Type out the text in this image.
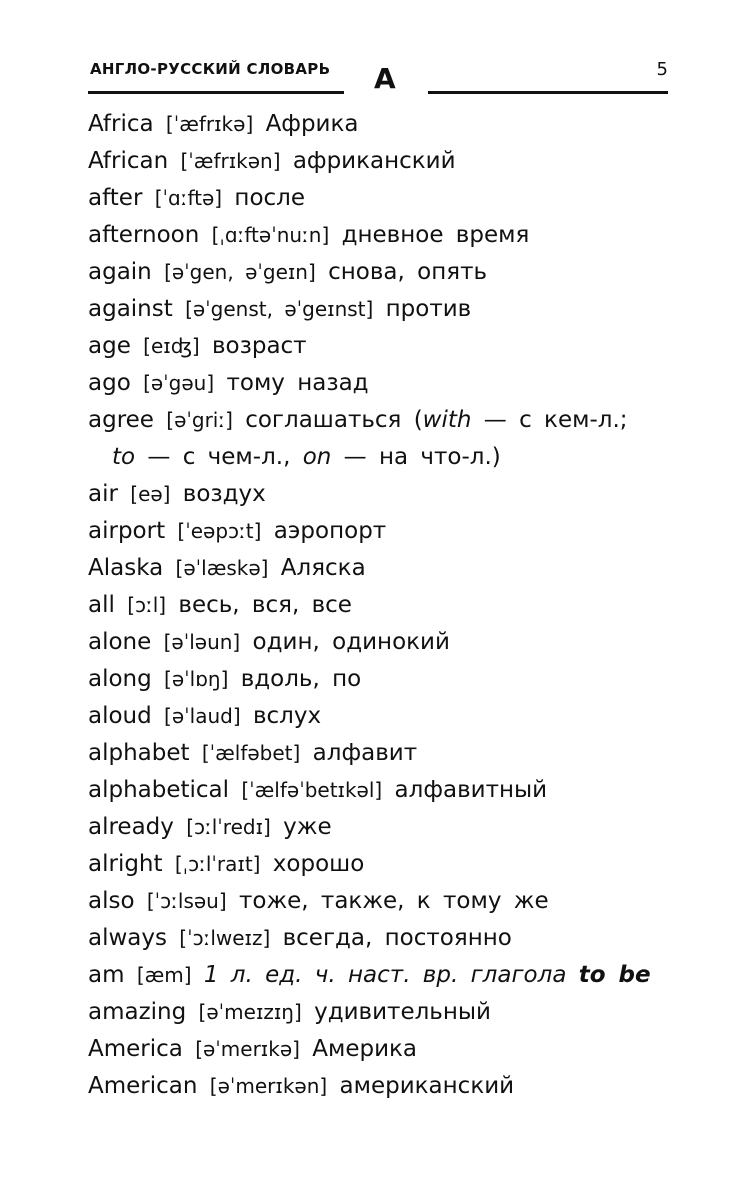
АНГЛО-РУССКИЙ СЛОВАРЬ A	5
Africa [ˈæfrɪkə] Африка
African [ˈæfrɪkən] африканский
after [ˈɑːftə] после
afternoon [ˌɑːftəˈnuːn] дневное время
again [əˈgen, əˈgeɪn] снова, опять
against [əˈgenst, əˈgeɪnst] против
age [eɪʤ] возраст
ago [əˈgəu] тому назад
agree [əˈgriː] соглашаться (with — с кем-л.;
to — с чем-л., on — на что-л.)
air [eə] воздух
airport [ˈeəpɔːt] аэропорт
Alaska [əˈlæskə] Аляска
all [ɔːl] весь, вся, все
alone [əˈləun] один, одинокий
along [əˈlɒŋ] вдоль, по
aloud [əˈlaud] вслух
alphabet [ˈælfəbet] алфавит
alphabetical [ˈælfəˈbetɪkəl] алфавитный
already [ɔːlˈredɪ] уже
alright [ˌɔːlˈraɪt] хорошо
also [ˈɔːlsəu] тоже, также, к тому же
always [ˈɔːlweɪz] всегда, постоянно
am [æm] 1 л. ед. ч. наст. вр. глагола to be
amazing [əˈmeɪzɪŋ] удивительный
America [əˈmerɪkə] Америка
American [əˈmerɪkən] американский
